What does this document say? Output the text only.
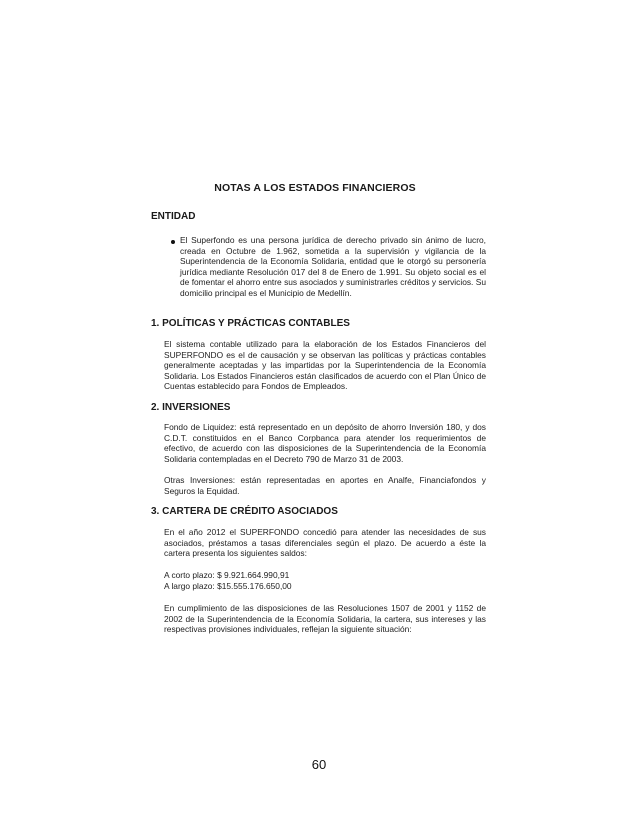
NOTAS A LOS ESTADOS FINANCIEROS
ENTIDAD
El Superfondo es una persona jurídica de derecho privado sin ánimo de lucro, creada en Octubre de 1.962, sometida a la supervisión y vigilancia de la Superintendencia de la Economía Solidaria, entidad que le otorgó su personería jurídica mediante Resolución 017 del 8 de Enero de 1.991. Su objeto social es el de fomentar el ahorro entre sus asociados y suministrarles créditos y servicios. Su domicilio principal es el Municipio de Medellín.
1. POLÍTICAS Y PRÁCTICAS CONTABLES
El sistema contable utilizado para la elaboración de los Estados Financieros del SUPERFONDO es el de causación y se observan las políticas y prácticas contables generalmente aceptadas y las impartidas por la Superintendencia de la Economía Solidaria. Los Estados Financieros están clasificados de acuerdo con el Plan Único de Cuentas establecido para Fondos de Empleados.
2. INVERSIONES
Fondo de Liquidez: está representado en un depósito de ahorro Inversión 180, y dos C.D.T. constituidos en el Banco Corpbanca para atender los requerimientos de efectivo, de acuerdo con las disposiciones de la Superintendencia de la Economía Solidaria contempladas en el Decreto 790 de Marzo 31 de 2003.
Otras Inversiones: están representadas en aportes en Analfe, Financiafondos y Seguros la Equidad.
3. CARTERA DE CRÉDITO ASOCIADOS
En el año 2012 el SUPERFONDO concedió para atender las necesidades de sus asociados, préstamos a tasas diferenciales según el plazo. De acuerdo a éste la cartera presenta los siguientes saldos:
A corto plazo: $ 9.921.664.990,91
A largo plazo: $15.555.176.650,00
En cumplimiento de las disposiciones de las Resoluciones 1507 de 2001 y 1152 de 2002 de la Superintendencia de la Economía Solidaria, la cartera, sus intereses y las respectivas provisiones individuales, reflejan la siguiente situación:
60
